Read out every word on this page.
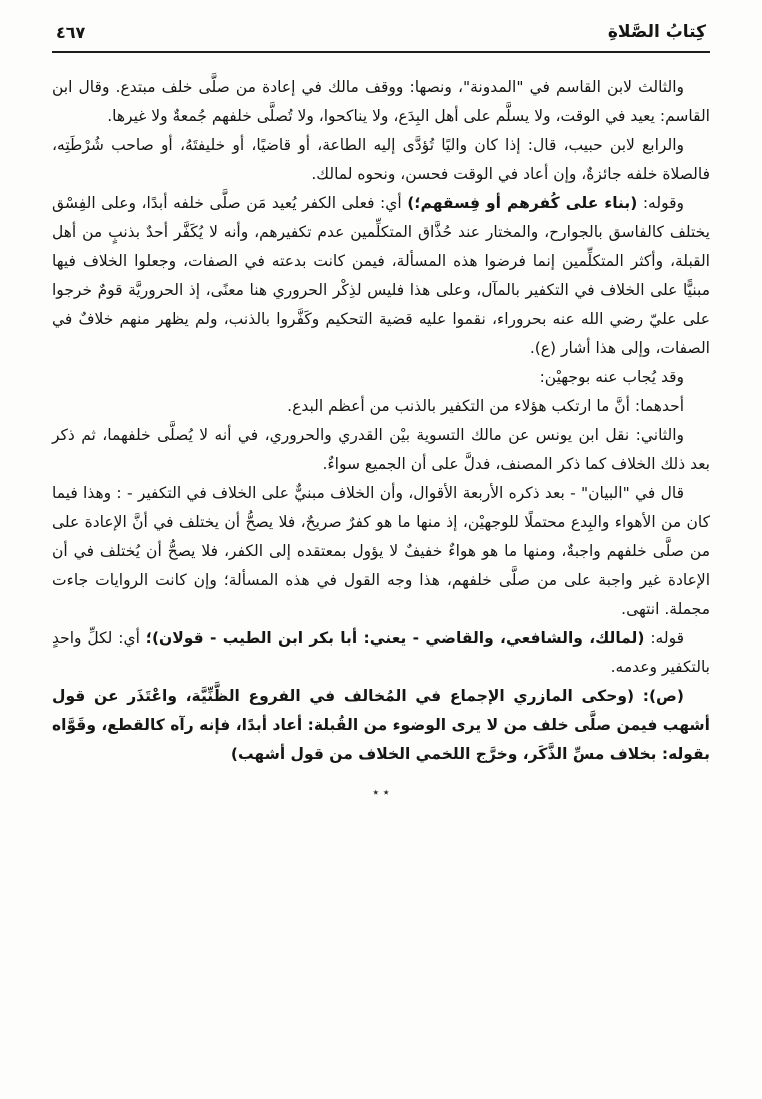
كِتابُ الصَّلاةِ
٤٦٧

والثالث لابن القاسم في "المدونة"، ونصها: ووقف مالك في إعادة من صلَّى خلف مبتدع. وقال ابن القاسم: يعيد في الوقت، ولا يسلَّم على أهل البِدَع، ولا يناكحوا، ولا تُصلَّى خلفهم جُمعةٌ ولا غيرها.

والرابع لابن حبيب، قال: إذا كان واليًا تُؤدَّى إليه الطاعة، أو قاضيًا، أو خليفتَهُ، أو صاحب شُرْطَتِه، فالصلاة خلفه جائزةٌ، وإن أعاد في الوقت فحسن، ونحوه لمالك.

وقوله: (بناء على كُفرهم أو فِسقهم؛) أي: فعلى الكفر يُعيد مَن صلَّى خلفه أبدًا، وعلى الفِسْق يختلف كالفاسق بالجوارح، والمختار عند حُذَّاق المتكلِّمين عدم تكفيرهم، وأنه لا يُكَفَّر أحدٌ بذنبٍ من أهل القبلة، وأكثر المتكلِّمين إنما فرضوا هذه المسألة، فيمن كانت بدعته في الصفات، وجعلوا الخلاف فيها مبنيًّا على الخلاف في التكفير بالمآل، وعلى هذا فليس لذِكْر الحروري هنا معنًى، إذ الحروريَّة قومٌ خرجوا على عليّ رضي الله عنه بحروراء، نقموا عليه قضية التحكيم وكَفَّروا بالذنب، ولم يظهر منهم خلافٌ في الصفات، وإلى هذا أشار (ع).

وقد يُجاب عنه بوجهيْن:

أحدهما: أنَّ ما ارتكب هؤلاء من التكفير بالذنب من أعظم البدع.

والثاني: نقل ابن يونس عن مالك التسوية بيْن القدري والحروري، في أنه لا يُصلَّى خلفهما، ثم ذكر بعد ذلك الخلاف كما ذكر المصنف، فدلَّ على أن الجميع سواءٌ.

قال في "البيان" - بعد ذكره الأربعة الأقوال، وأن الخلاف مبنيٌّ على الخلاف في التكفير - : وهذا فيما كان من الأهواء والبِدع محتملًا للوجهيْن، إذ منها ما هو كفرٌ صريحٌ، فلا يصحُّ أن يختلف في أنَّ الإعادة على من صلَّى خلفهم واجبةٌ، ومنها ما هو هواءٌ خفيفٌ لا يؤول بمعتقده إلى الكفر، فلا يصحُّ أن يُختلف في أن الإعادة غير واجبة على من صلَّى خلفهم، هذا وجه القول في هذه المسألة؛ وإن كانت الروايات جاءت مجملة. انتهى.

قوله: (لمالك، والشافعي، والقاضي - يعني: أبا بكر ابن الطيب - قولان)؛ أي: لكلِّ واحدٍ بالتكفير وعدمه.

(ص): (وحكى المازري الإجماع في المُخالف في الفروع الظَّنِّيَّة، واعْتَذَر عن قول أشهب فيمن صلَّى خلف من لا يرى الوضوء من القُبلة: أعاد أبدًا، فإنه رآه كالقطع، وقَوَّاه بقوله: بخلاف مسِّ الذَّكَر، وخرَّج اللخمي الخلاف من قول أشهب)

٭ ٭
